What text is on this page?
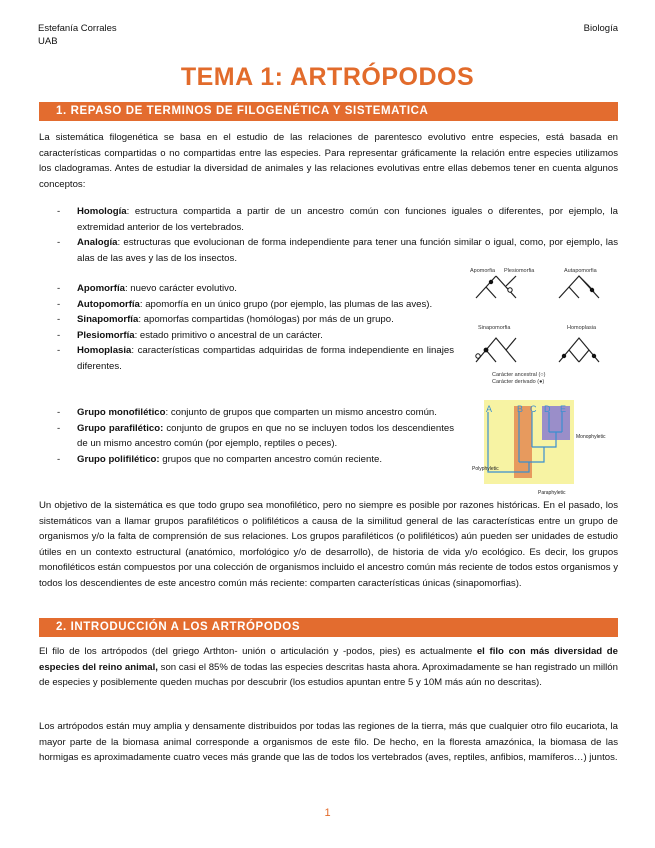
Estefanía Corrales
UAB
Biología
TEMA 1: ARTRÓPODOS
1. REPASO DE TERMINOS DE FILOGENÉTICA Y SISTEMATICA

La sistemática filogenética se basa en el estudio de las relaciones de parentesco evolutivo entre especies, está basada en características compartidas o no compartidas entre las especies. Para representar gráficamente la relación entre especies utilizamos los cladogramas. Antes de estudiar la diversidad de animales y las relaciones evolutivas entre ellas debemos tener en cuenta algunos conceptos:

- Homología: estructura compartida a partir de un ancestro común con funciones iguales o diferentes, por ejemplo, la extremidad anterior de los vertebrados.
- Analogía: estructuras que evolucionan de forma independiente para tener una función similar o igual, como, por ejemplo, las alas de las aves y las de los insectos.
- Apomorfía: nuevo carácter evolutivo.
- Autopomorfía: apomorfía en un único grupo (por ejemplo, las plumas de las aves).
- Sinapomorfía: apomorfas compartidas (homólogas) por más de un grupo.
- Plesiomorfía: estado primitivo o ancestral de un carácter.
- Homoplasia: características compartidas adquiridas de forma independiente en linajes diferentes.
- Grupo monofilético: conjunto de grupos que comparten un mismo ancestro común.
- Grupo parafilético: conjunto de grupos en que no se incluyen todos los descendientes de un mismo ancestro común (por ejemplo, reptiles o peces).
- Grupo polifilético: grupos que no comparten ancestro común reciente.
Apomorfia Plesiomorfia	Autapomorfia
Sinapomorfia	Homoplasia
Carácter ancestral (○)
Carácter derivado (●)
A	B C D E
Monophyletic
Polyphyletic
Paraphyletic

Un objetivo de la sistemática es que todo grupo sea monofilético, pero no siempre es posible por razones históricas. En el pasado, los sistemáticos van a llamar grupos parafiléticos o polifiléticos a causa de la similitud general de las características entre un grupo de organismos y/o la falta de comprensión de sus relaciones. Los grupos parafiléticos (o polifiléticos) aún pueden ser unidades de estudio útiles en un contexto estructural (anatómico, morfológico y/o de desarrollo), de historia de vida y/o ecológico. Es decir, los grupos monofiléticos están compuestos por una colección de organismos incluido el ancestro común más reciente de todos estos organismos y todos los descendientes de este ancestro común más reciente: comparten características únicas (sinapomorfias).

2. INTRODUCCIÓN A LOS ARTRÓPODOS

El filo de los artrópodos (del griego Arthton- unión o articulación y -podos, pies) es actualmente el filo con más diversidad de especies del reino animal, son casi el 85% de todas las especies descritas hasta ahora. Aproximadamente se han registrado un millón de especies y posiblemente queden muchas por descubrir (los estudios apuntan entre 5 y 10M más aún no descritas).

Los artrópodos están muy amplia y densamente distribuidos por todas las regiones de la tierra, más que cualquier otro filo eucariota, la mayor parte de la biomasa animal corresponde a organismos de este filo. De hecho, en la floresta amazónica, la biomasa de las hormigas es aproximadamente cuatro veces más grande que las de todos los vertebrados (aves, reptiles, anfibios, mamíferos…) juntos.

1
